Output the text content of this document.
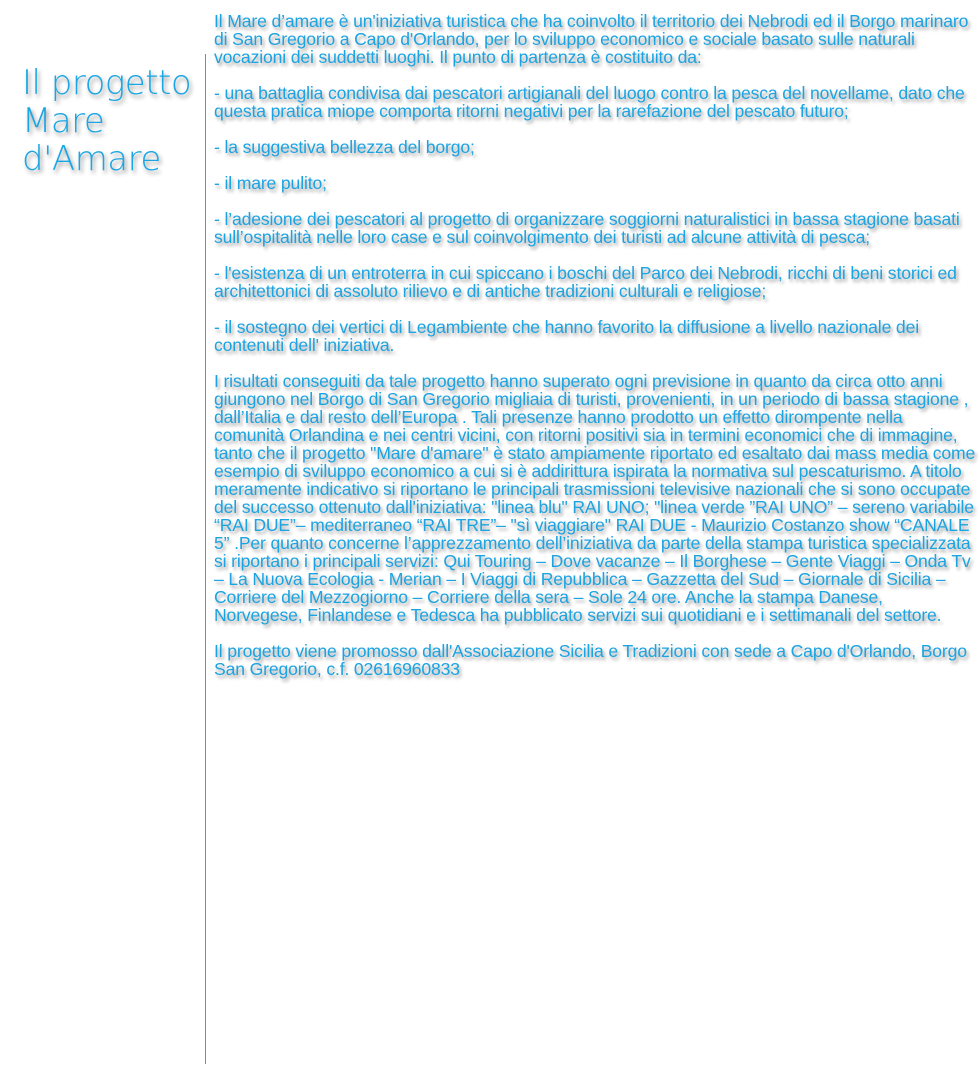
Il progetto
Mare
d'Amare

Il Mare d’amare è un'iniziativa turistica che ha coinvolto il territorio dei Nebrodi ed il Borgo marinaro di San Gregorio a Capo d'Orlando, per lo sviluppo economico e sociale basato sulle naturali vocazioni dei suddetti luoghi. Il punto di partenza è costituito da:

- una battaglia condivisa dai pescatori artigianali del luogo contro la pesca del novellame, dato che questa pratica miope comporta ritorni negativi per la rarefazione del pescato futuro;

- la suggestiva bellezza del borgo;

- il mare pulito;

- l’adesione dei pescatori al progetto di organizzare soggiorni naturalistici in bassa stagione basati sull’ospitalità nelle loro case e sul coinvolgimento dei turisti ad alcune attività di pesca;

- l'esistenza di un entroterra in cui spiccano i boschi del Parco dei Nebrodi, ricchi di beni storici ed architettonici di assoluto rilievo e di antiche tradizioni culturali e religiose;

- il sostegno dei vertici di Legambiente che hanno favorito la diffusione a livello nazionale dei contenuti dell' iniziativa.

I risultati conseguiti da tale progetto hanno superato ogni previsione in quanto da circa otto anni giungono nel Borgo di San Gregorio migliaia di turisti, provenienti, in un periodo di bassa stagione , dall’Italia e dal resto dell’Europa . Tali presenze hanno prodotto un effetto dirompente nella comunità Orlandina e nei centri vicini, con ritorni positivi sia in termini economici che di immagine, tanto che il progetto "Mare d'amare" è stato ampiamente riportato ed esaltato dai mass media come esempio di sviluppo economico a cui si è addirittura ispirata la normativa sul pescaturismo. A titolo meramente indicativo si riportano le principali trasmissioni televisive nazionali che si sono occupate del successo ottenuto dall'iniziativa: "linea blu" RAI UNO; "linea verde ”RAI UNO” – sereno variabile “RAI DUE”– mediterraneo “RAI TRE”– "sì viaggiare" RAI DUE - Maurizio Costanzo show “CANALE 5” .Per quanto concerne l’apprezzamento dell’iniziativa da parte della stampa turistica specializzata si riportano i principali servizi: Qui Touring – Dove vacanze – Il Borghese – Gente Viaggi – Onda Tv – La Nuova Ecologia - Merian – I Viaggi di Repubblica – Gazzetta del Sud – Giornale di Sicilia – Corriere del Mezzogiorno – Corriere della sera – Sole 24 ore. Anche la stampa Danese, Norvegese, Finlandese e Tedesca ha pubblicato servizi sui quotidiani e i settimanali del settore.

Il progetto viene promosso dall'Associazione Sicilia e Tradizioni con sede a Capo d'Orlando, Borgo San Gregorio, c.f. 02616960833
